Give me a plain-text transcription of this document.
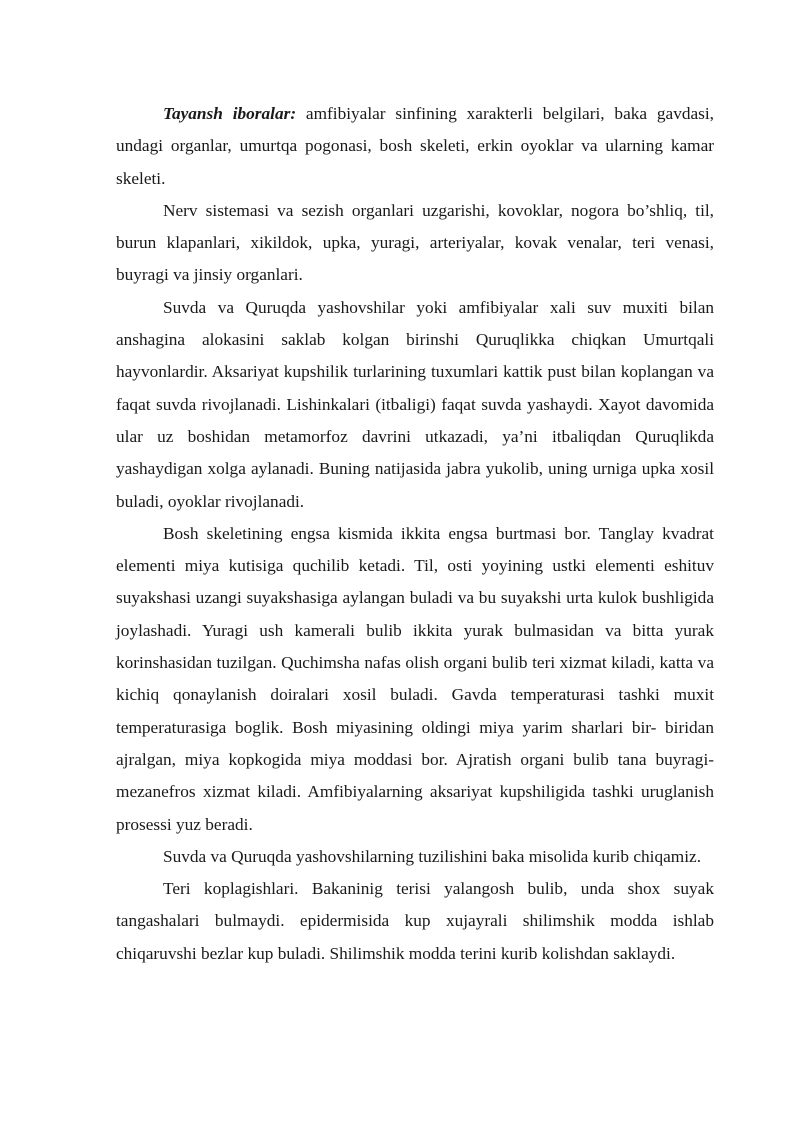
Tayansh iboralar: amfibiyalar sinfining xarakterli belgilari, baka gavdasi, undagi organlar, umurtqa pogonasi, bosh skeleti, erkin oyoklar va ularning kamar skeleti.

Nerv sistemasi va sezish organlari uzgarishi, kovoklar, nogora bo’shliq, til, burun klapanlari, xikildok, upka, yuragi, arteriyalar, kovak venalar, teri venasi, buyragi va jinsiy organlari.

Suvda va Quruqda yashovshilar yoki amfibiyalar xali suv muxiti bilan anshagina alokasini saklab kolgan birinshi Quruqlikka chiqkan Umurtqali hayvonlardir. Aksariyat kupshilik turlarining tuxumlari kattik pust bilan koplangan va faqat suvda rivojlanadi. Lishinkalari (itbaligi) faqat suvda yashaydi. Xayot davomida ular uz boshidan metamorfoz davrini utkazadi, ya’ni itbaliqdan Quruqlikda yashaydigan xolga aylanadi. Buning natijasida jabra yukolib, uning urniga upka xosil buladi, oyoklar rivojlanadi.

Bosh skeletining engsa kismida ikkita engsa burtmasi bor. Tanglay kvadrat elementi miya kutisiga quchilib ketadi. Til, osti yoyining ustki elementi eshituv suyakshasi uzangi suyakshasiga aylangan buladi va bu suyakshi urta kulok bushligida joylashadi. Yuragi ush kamerali bulib ikkita yurak bulmasidan va bitta yurak korinshasidan tuzilgan. Quchimsha nafas olish organi bulib teri xizmat kiladi, katta va kichiq qonaylanish doiralari xosil buladi. Gavda temperaturasi tashki muxit temperaturasiga boglik. Bosh miyasining oldingi miya yarim sharlari bir- biridan ajralgan, miya kopkogida miya moddasi bor. Ajratish organi bulib tana buyragi- mezanefros xizmat kiladi. Amfibiyalarning aksariyat kupshiligida tashki uruglanish prosessi yuz beradi.

Suvda va Quruqda yashovshilarning tuzilishini baka misolida kurib chiqamiz.

Teri koplagishlari. Bakaninig terisi yalangosh bulib, unda shox suyak tangashalari bulmaydi. epidermisida kup xujayrali shilimshik modda ishlab chiqaruvshi bezlar kup buladi. Shilimshik modda terini kurib kolishdan saklaydi.
